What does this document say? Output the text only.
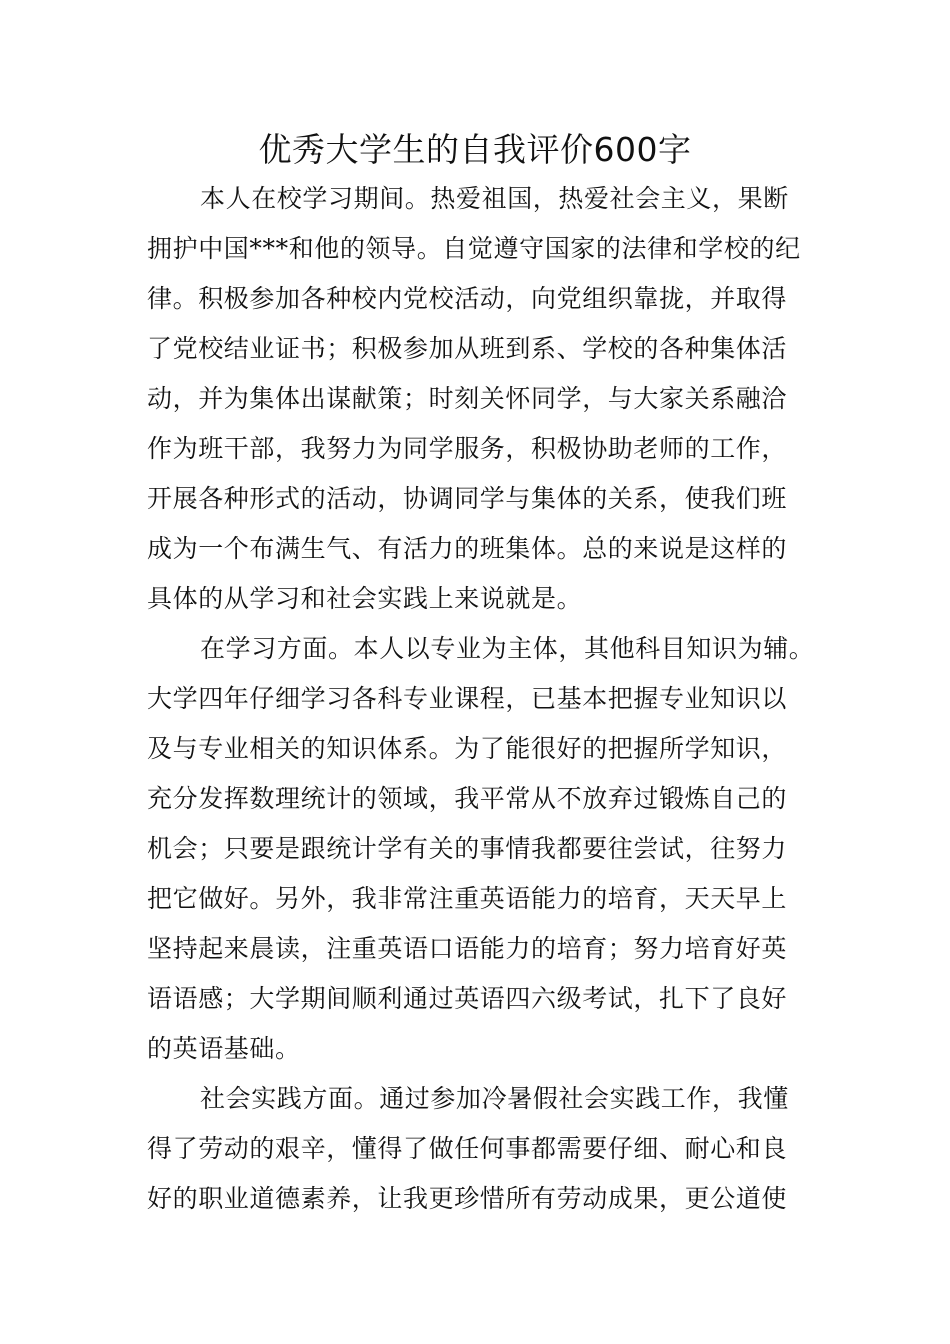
优秀大学生的自我评价600字

本人在校学习期间。热爱祖国，热爱社会主义，果断

拥护中国***和他的领导。自觉遵守国家的法律和学校的纪

律。积极参加各种校内党校活动，向党组织靠拢，并取得

了党校结业证书；积极参加从班到系、学校的各种集体活

动，并为集体出谋献策；时刻关怀同学，与大家关系融洽

作为班干部，我努力为同学服务，积极协助老师的工作，

开展各种形式的活动，协调同学与集体的关系，使我们班

成为一个布满生气、有活力的班集体。总的来说是这样的

具体的从学习和社会实践上来说就是。

在学习方面。本人以专业为主体，其他科目知识为辅。

大学四年仔细学习各科专业课程，已基本把握专业知识以

及与专业相关的知识体系。为了能很好的把握所学知识，

充分发挥数理统计的领域，我平常从不放弃过锻炼自己的

机会；只要是跟统计学有关的事情我都要往尝试，往努力

把它做好。另外，我非常注重英语能力的培育，天天早上

坚持起来晨读，注重英语口语能力的培育；努力培育好英

语语感；大学期间顺利通过英语四六级考试，扎下了良好

的英语基础。

社会实践方面。通过参加冷暑假社会实践工作，我懂

得了劳动的艰辛，懂得了做任何事都需要仔细、耐心和良

好的职业道德素养，让我更珍惜所有劳动成果，更公道使
